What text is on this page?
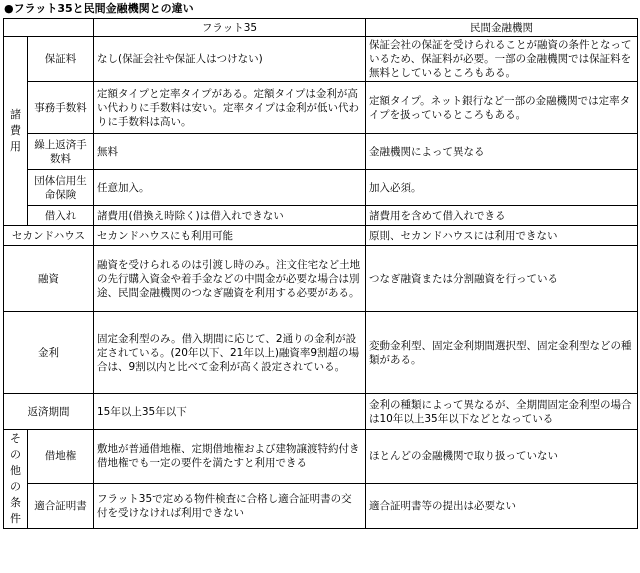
●フラット35と民間金融機関との違い
		フラット35	民間金融機関

諸費用	保証料	なし(保証会社や保証人はつけない)	保証会社の保証を受けられることが融資の条件となっているため、保証料が必要。一部の金融機関では保証料を無料としているところもある。
	事務手数料	定額タイプと定率タイプがある。定額タイプは金利が高い代わりに手数料は安い。定率タイプは金利が低い代わりに手数料は高い。	定額タイプ。ネット銀行など一部の金融機関では定率タイプを扱っているところもある。
	繰上返済手数料	無料	金融機関によって異なる
	団体信用生命保険	任意加入。	加入必須。
	借入れ	諸費用(借換え時除く)は借入れできない	諸費用を含めて借入れできる
セカンドハウス		セカンドハウスにも利用可能	原則、セカンドハウスには利用できない
融資		融資を受けられるのは引渡し時のみ。注文住宅など土地の先行購入資金や着手金などの中間金が必要な場合は別途、民間金融機関のつなぎ融資を利用する必要がある。	つなぎ融資または分割融資を行っている
金利		固定金利型のみ。借入期間に応じて、2通りの金利が設定されている。(20年以下、21年以上)融資率9割超の場合は、9割以内と比べて金利が高く設定されている。	変動金利型、固定金利期間選択型、固定金利型などの種類がある。
返済期間		15年以上35年以下	金利の種類によって異なるが、全期間固定金利型の場合は10年以上35年以下などとなっている

その他の条件	借地権	敷地が普通借地権、定期借地権および建物譲渡特約付き借地権でも一定の要件を満たすと利用できる	ほとんどの金融機関で取り扱っていない
	適合証明書	フラット35で定める物件検査に合格し適合証明書の交付を受けなければ利用できない	適合証明書等の提出は必要ない
